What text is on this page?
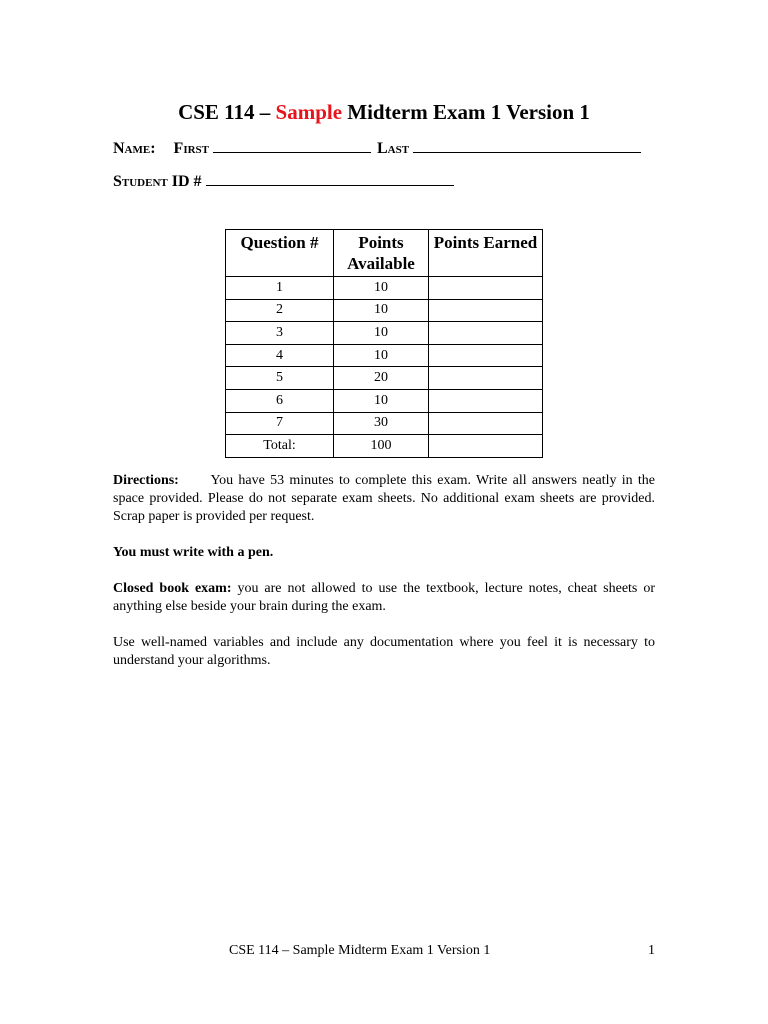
CSE 114 – Sample Midterm Exam 1 Version 1
Name: First	Last
Student ID #
Question #	Points Available	Points Earned
1	10	
2	10	
3	10	
4	10	
5	20	
6	10	
7	30	
Total:	100	
Directions: You have 53 minutes to complete this exam. Write all answers neatly in the space provided. Please do not separate exam sheets. No additional exam sheets are provided. Scrap paper is provided per request.
You must write with a pen.
Closed book exam: you are not allowed to use the textbook, lecture notes, cheat sheets or anything else beside your brain during the exam.
Use well-named variables and include any documentation where you feel it is necessary to understand your algorithms.
CSE 114 – Sample Midterm Exam 1 Version 1	1
